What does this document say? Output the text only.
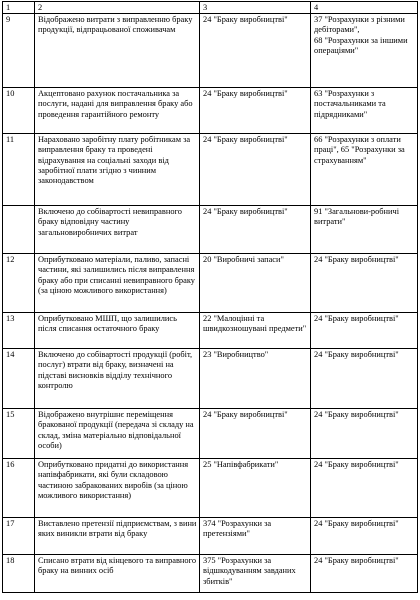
1	2	3	4
9	Відображено витрати з виправленню браку продукції, відпрацьованої споживачам	24 "Браку виробництві"	37 "Розрахунки з різними дебіторами",
68 "Розрахунки за іншими операціями"
10	Акцептовано рахунок постачальника за послуги, надані для виправлення браку або проведення гарантійного ремонту	24 "Браку виробництві"	63 "Розрахунки з постачальниками та підрядниками"
11	Нараховано заробітну плату робітникам за виправлення браку та проведені відрахування на соціальні заходи від заробітної плати згідно з чинним законодавством	24 "Браку виробництві"	66 "Розрахунки з оплати праці", 65 "Розрахунки за страхуванням"
	Включено до собівартості невиправного браку відповідну частину загальновиробничих витрат	24 "Браку виробництві"	91 "Загальнови-робничі витрати"
12	Оприбутковано матеріали, паливо, запасні частини, які залишились після виправлення браку або при списанні невиправного браку (за ціною можливого використання)	20 "Виробничі запаси"	24 "Браку виробництві"
13	Оприбутковано МШП, що залишились після списання остаточного браку	22 "Малоцінні та швидкозношувані предмети"	24 "Браку виробництві"
14	Включено до собівартості продукції (робіт, послуг) втрати від браку, визначені на підставі висновків відділу технічного контролю	23 "Виробництво"	24 "Браку виробництві"
15	Відображено внутрішнє переміщення бракованої продукції (передача зі складу на склад, зміна матеріально відповідальної особи)	24 "Браку виробництві"	24 "Браку виробництві"
16	Оприбутковано придатні до використання напівфабрикати, які були складовою частиною забракованих виробів (за ціною можливого використання)	25 "Напівфабрикати"	24 "Браку виробництві"
17	Виставлено претензії підприємствам, з вини яких виникли втрати від браку	374 "Розрахунки за претензіями"	24 "Браку виробництві"
18	Списано втрати від кінцевого та виправного браку на винних осіб	375 "Розрахунки за відшкодуванням завданих збитків"	24 "Браку виробництві"
